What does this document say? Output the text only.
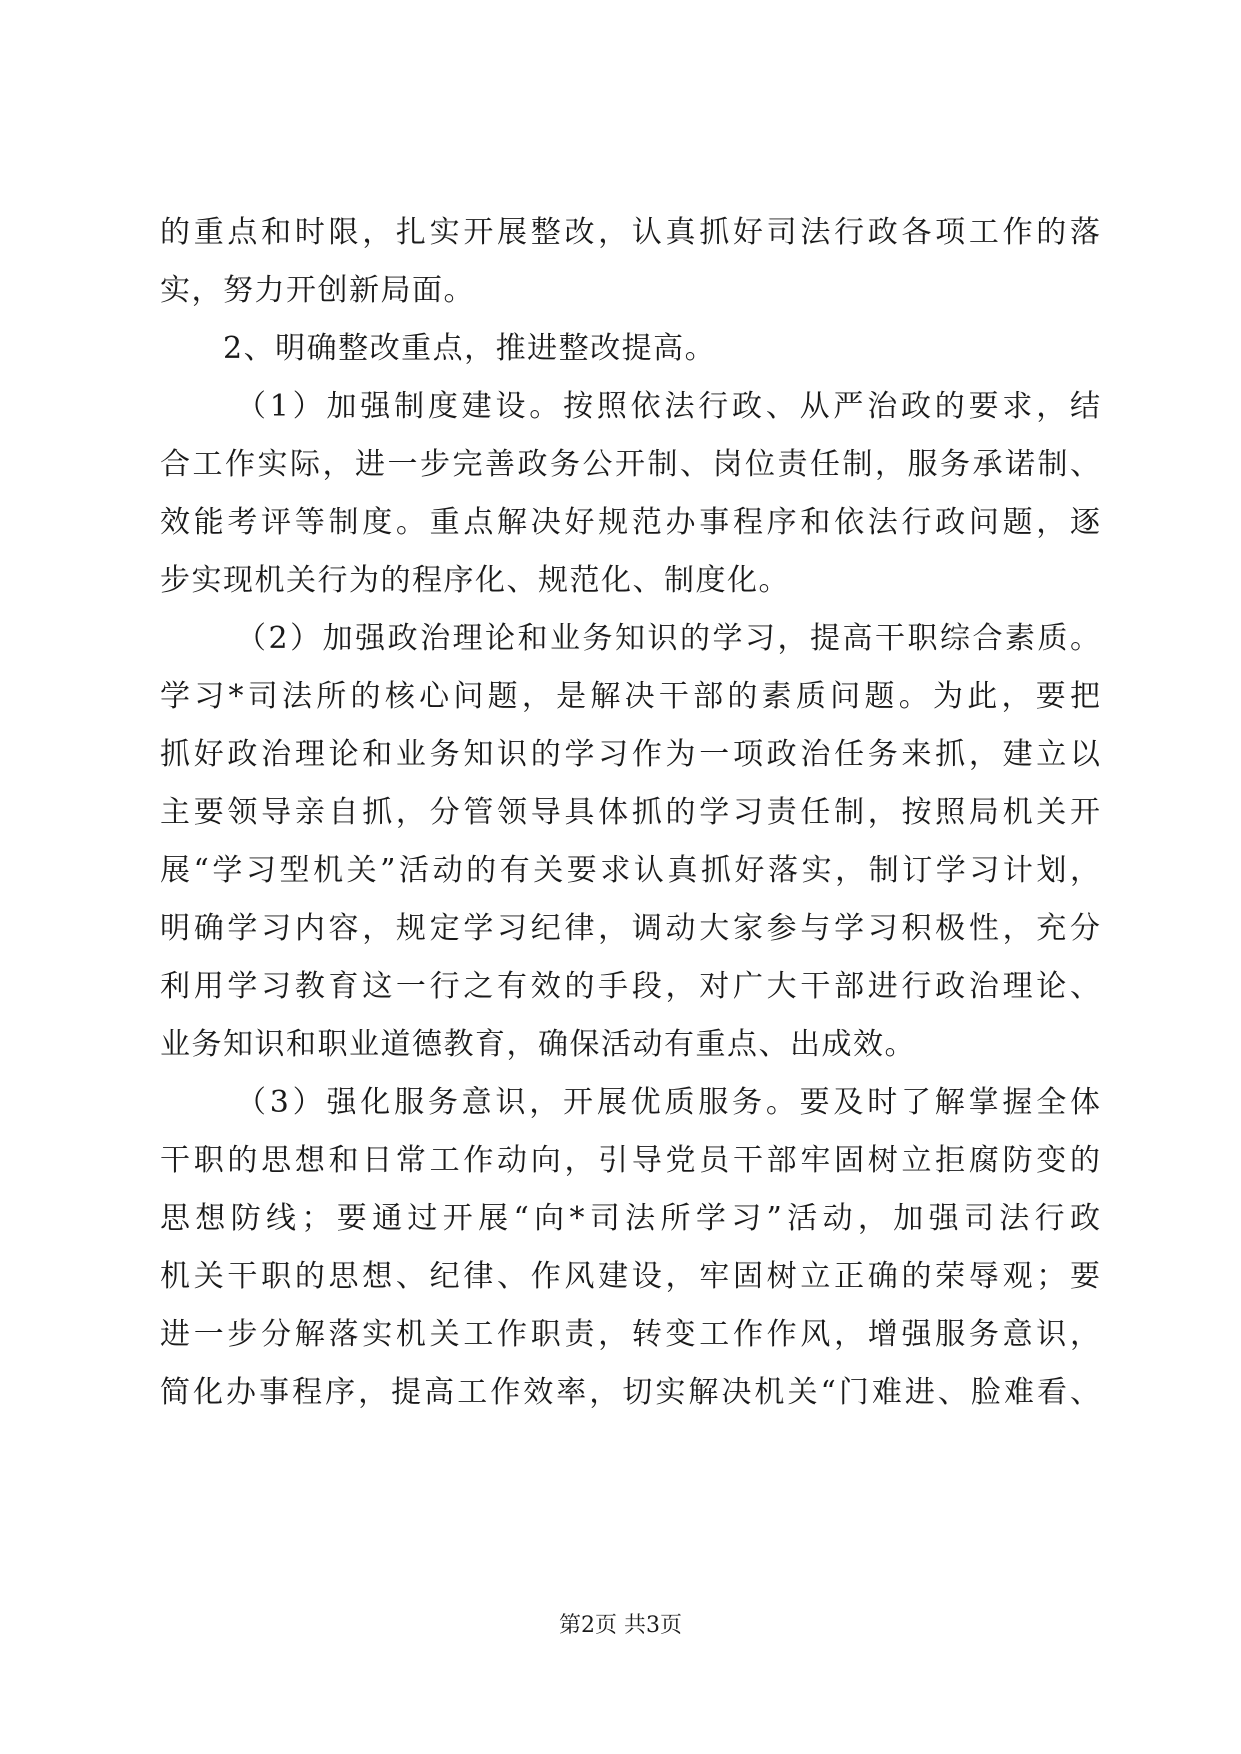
的重点和时限，扎实开展整改，认真抓好司法行政各项工作的落
实，努力开创新局面。
2、明确整改重点，推进整改提高。
（1）加强制度建设。按照依法行政、从严治政的要求，结
合工作实际，进一步完善政务公开制、岗位责任制，服务承诺制、
效能考评等制度。重点解决好规范办事程序和依法行政问题，逐
步实现机关行为的程序化、规范化、制度化。
（2）加强政治理论和业务知识的学习，提高干职综合素质。
学习*司法所的核心问题，是解决干部的素质问题。为此，要把
抓好政治理论和业务知识的学习作为一项政治任务来抓，建立以
主要领导亲自抓，分管领导具体抓的学习责任制，按照局机关开
展“学习型机关”活动的有关要求认真抓好落实，制订学习计划，
明确学习内容，规定学习纪律，调动大家参与学习积极性，充分
利用学习教育这一行之有效的手段，对广大干部进行政治理论、
业务知识和职业道德教育，确保活动有重点、出成效。
（3）强化服务意识，开展优质服务。要及时了解掌握全体
干职的思想和日常工作动向，引导党员干部牢固树立拒腐防变的
思想防线；要通过开展“向*司法所学习”活动，加强司法行政
机关干职的思想、纪律、作风建设，牢固树立正确的荣辱观；要
进一步分解落实机关工作职责，转变工作作风，增强服务意识，
简化办事程序，提高工作效率，切实解决机关“门难进、脸难看、
第2页 共3页
